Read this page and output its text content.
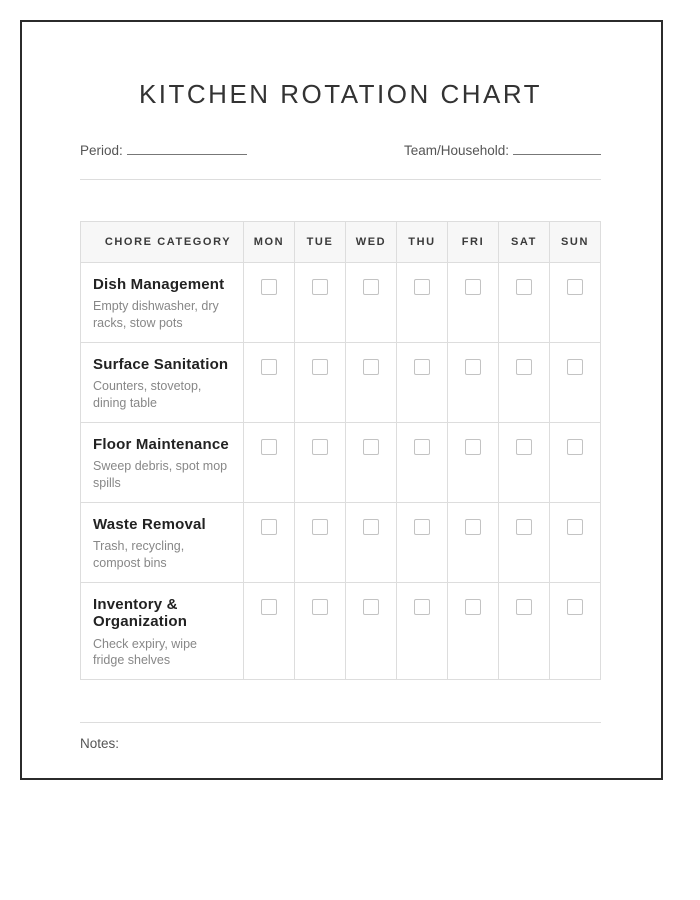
KITCHEN ROTATION CHART
Period:	Team/Household:
CHORE CATEGORY	MON	TUE	WED	THU	FRI	SAT	SUN

Dish Management
Empty dishwasher, dry racks, stow pots							

Surface Sanitation
Counters, stovetop, dining table							

Floor Maintenance
Sweep debris, spot mop spills							

Waste Removal
Trash, recycling, compost bins							

Inventory & Organization
Check expiry, wipe fridge shelves							

Notes:
